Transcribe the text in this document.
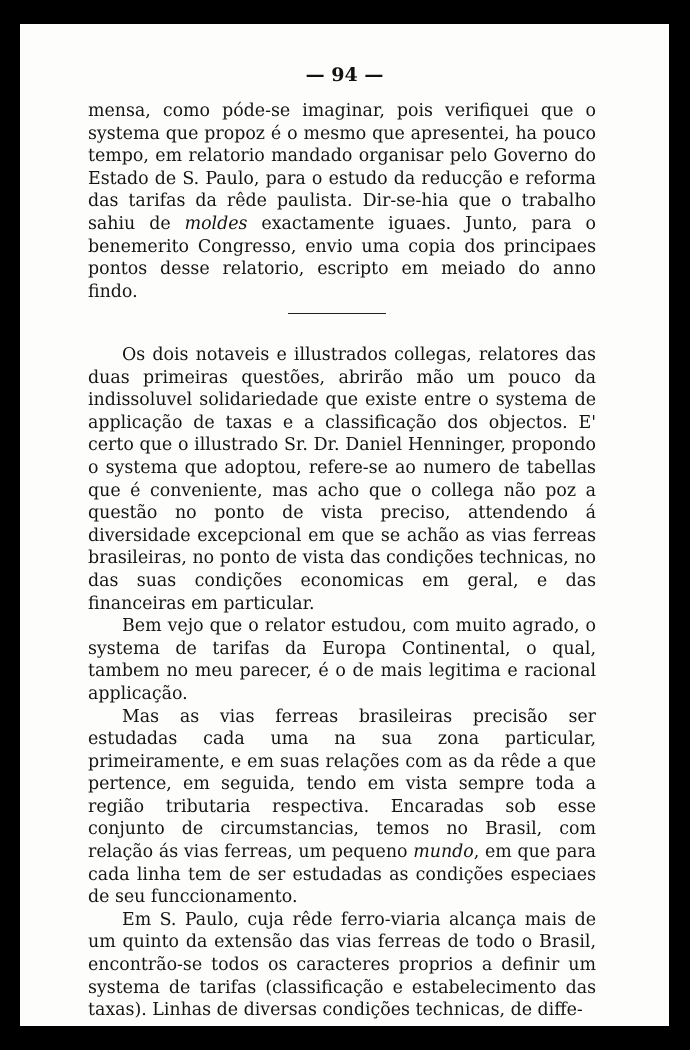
— 94 —

mensa, como póde-se imaginar, pois verifiquei que o systema que propoz é o mesmo que apresentei, ha pouco tempo, em relatorio mandado organisar pelo Governo do Estado de S. Paulo, para o estudo da reducção e reforma das tarifas da rêde paulista. Dir-se-hia que o trabalho sahiu de moldes exactamente iguaes. Junto, para o benemerito Congresso, envio uma copia dos principaes pontos desse relatorio, escripto em meiado do anno findo.

Os dois notaveis e illustrados collegas, relatores das duas primeiras questões, abrirão mão um pouco da indissoluvel solidariedade que existe entre o systema de applicação de taxas e a classificação dos objectos. E' certo que o illustrado Sr. Dr. Daniel Henninger, propondo o systema que adoptou, refere-se ao numero de tabellas que é conveniente, mas acho que o collega não poz a questão no ponto de vista preciso, attendendo á diversidade excepcional em que se achão as vias ferreas brasileiras, no ponto de vista das condições technicas, no das suas condições economicas em geral, e das financeiras em particular.

Bem vejo que o relator estudou, com muito agrado, o systema de tarifas da Europa Continental, o qual, tambem no meu parecer, é o de mais legitima e racional applicação.

Mas as vias ferreas brasileiras precisão ser estudadas cada uma na sua zona particular, primeiramente, e em suas relações com as da rêde a que pertence, em seguida, tendo em vista sempre toda a região tributaria respectiva. Encaradas sob esse conjunto de circumstancias, temos no Brasil, com relação ás vias ferreas, um pequeno mundo, em que para cada linha tem de ser estudadas as condições especiaes de seu funccionamento.

Em S. Paulo, cuja rêde ferro-viaria alcança mais de um quinto da extensão das vias ferreas de todo o Brasil, encontrão-se todos os caracteres proprios a definir um systema de tarifas (classificação e estabelecimento das taxas). Linhas de diversas condições technicas, de diffe-
